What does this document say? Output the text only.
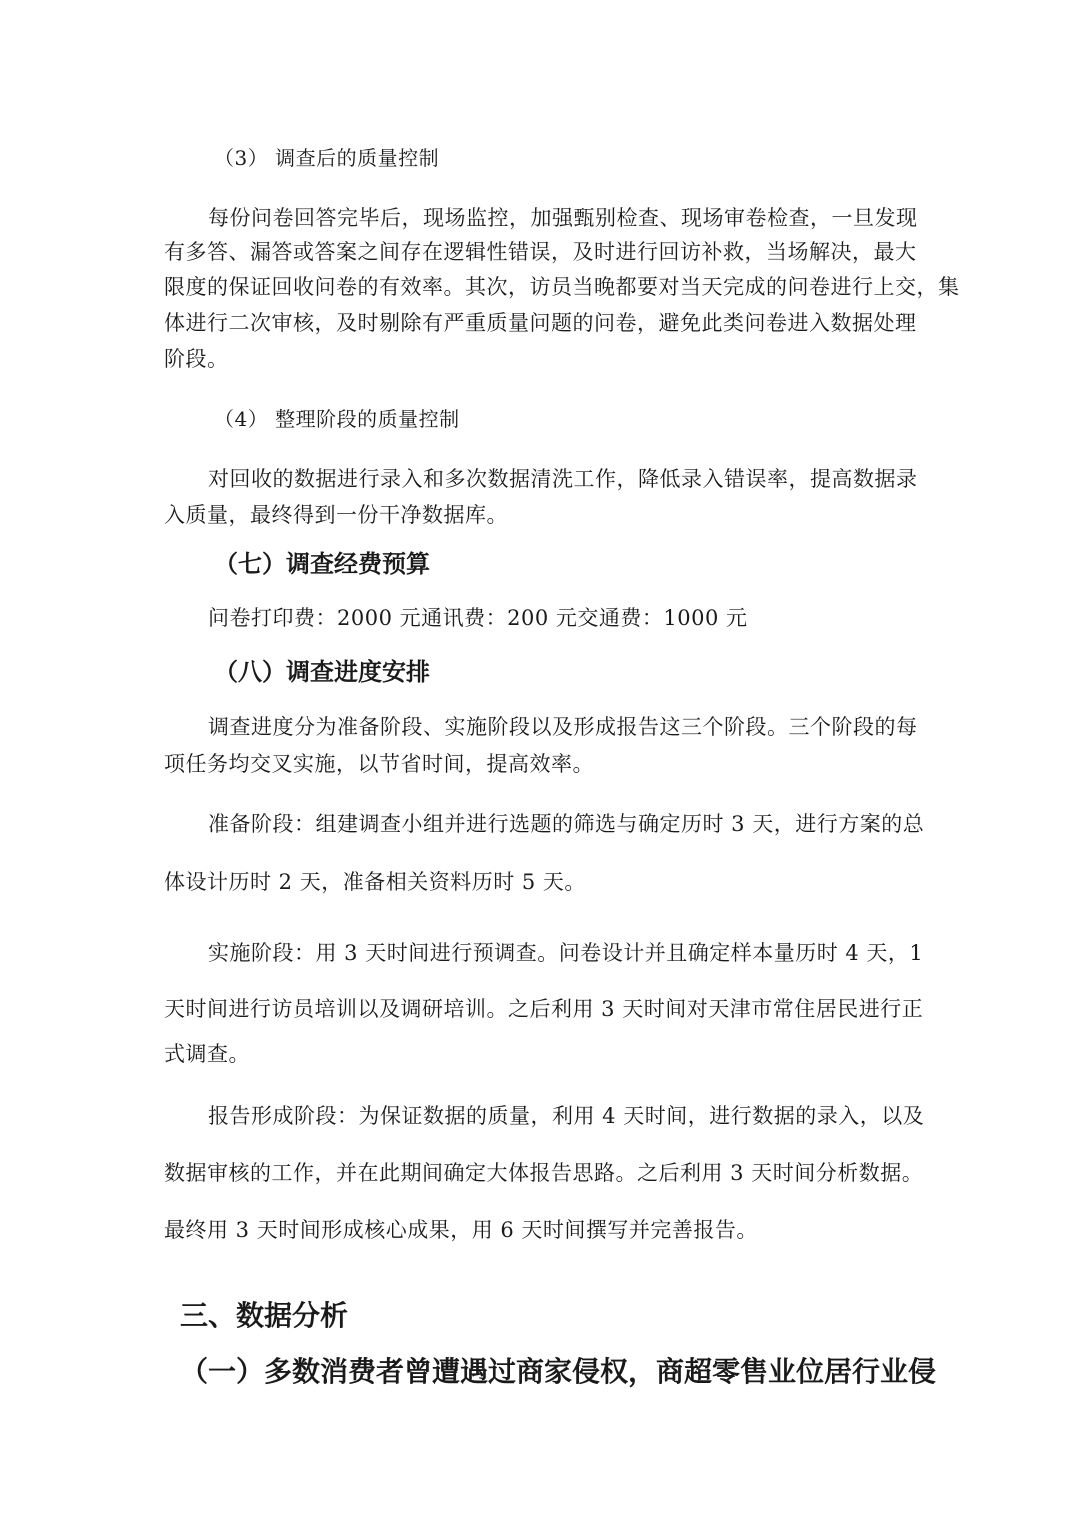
（3） 调查后的质量控制
每份问卷回答完毕后，现场监控，加强甄别检查、现场审卷检查，一旦发现
有多答、漏答或答案之间存在逻辑性错误，及时进行回访补救，当场解决，最大
限度的保证回收问卷的有效率。其次，访员当晚都要对当天完成的问卷进行上交，集
体进行二次审核，及时剔除有严重质量问题的问卷，避免此类问卷进入数据处理
阶段。
（4） 整理阶段的质量控制
对回收的数据进行录入和多次数据清洗工作，降低录入错误率，提高数据录
入质量，最终得到一份干净数据库。
（七）调查经费预算
问卷打印费：2000 元通讯费：200 元交通费：1000 元
（八）调查进度安排
调查进度分为准备阶段、实施阶段以及形成报告这三个阶段。三个阶段的每
项任务均交叉实施，以节省时间，提高效率。
准备阶段：组建调查小组并进行选题的筛选与确定历时 3 天，进行方案的总
体设计历时 2 天，准备相关资料历时 5 天。
实施阶段：用 3 天时间进行预调查。问卷设计并且确定样本量历时 4 天，1
天时间进行访员培训以及调研培训。之后利用 3 天时间对天津市常住居民进行正
式调查。
报告形成阶段：为保证数据的质量，利用 4 天时间，进行数据的录入，以及
数据审核的工作，并在此期间确定大体报告思路。之后利用 3 天时间分析数据。
最终用 3 天时间形成核心成果，用 6 天时间撰写并完善报告。
三、数据分析
（一）多数消费者曾遭遇过商家侵权，商超零售业位居行业侵
